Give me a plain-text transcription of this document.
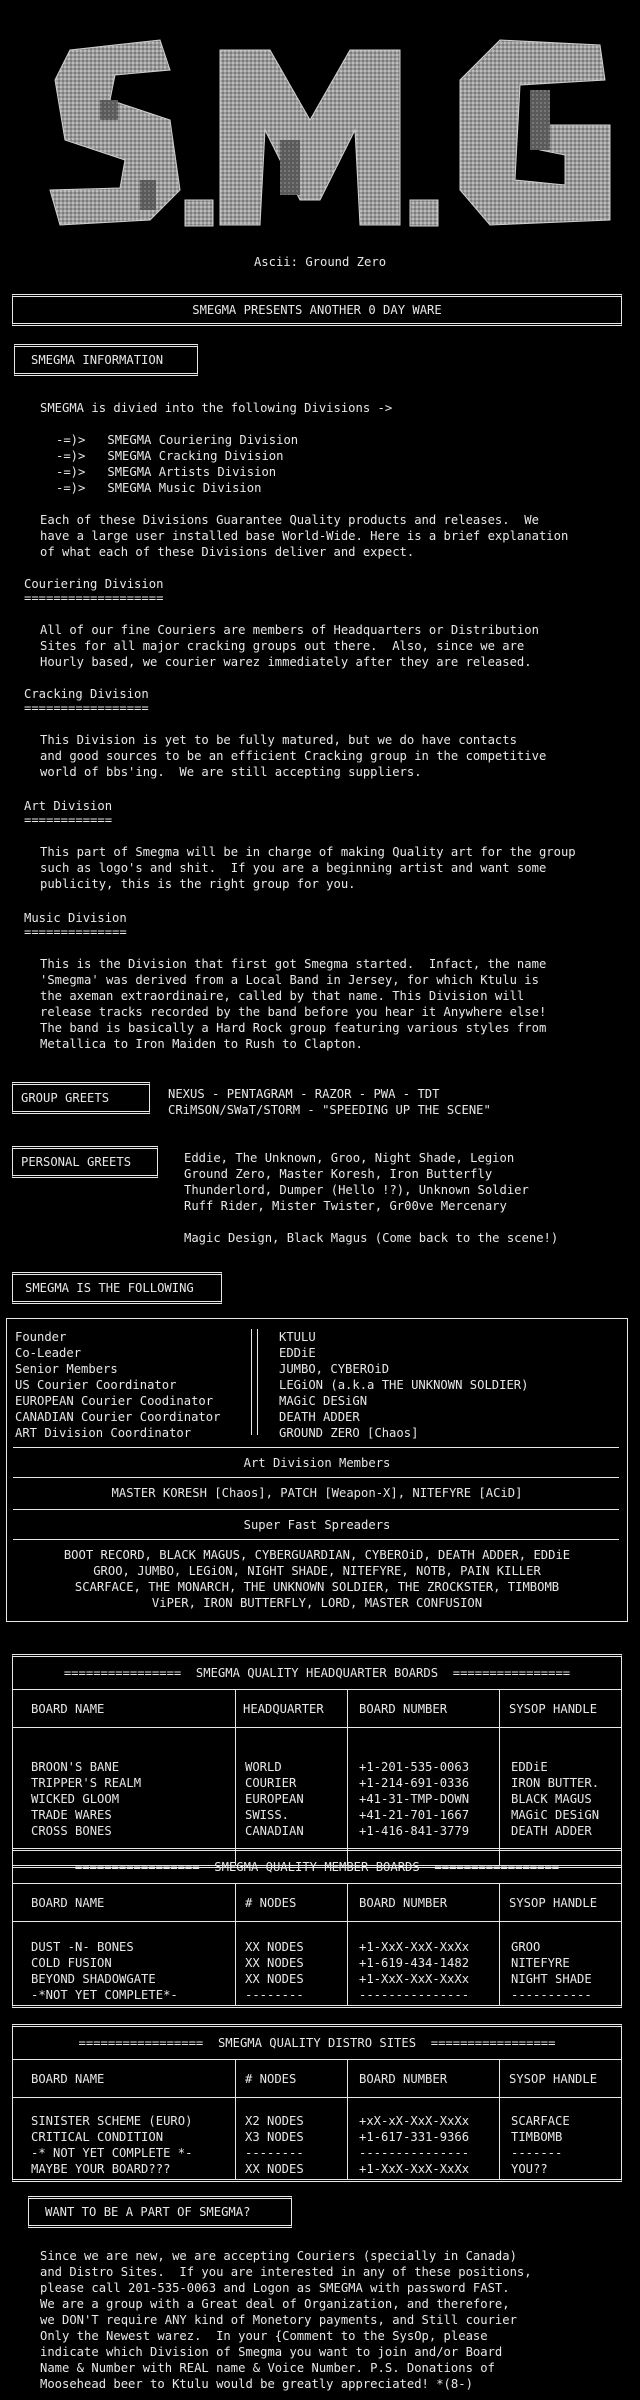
S.M.G
Ascii: Ground Zero
SMEGMA PRESENTS ANOTHER 0 DAY WARE
SMEGMA INFORMATION
SMEGMA is divied into the following Divisions ->
-=)>   SMEGMA Couriering Division
-=)>   SMEGMA Cracking Division
-=)>   SMEGMA Artists Division
-=)>   SMEGMA Music Division
Each of these Divisions Guarantee Quality products and releases.  We
have a large user installed base World-Wide. Here is a brief explanation
of what each of these Divisions deliver and expect.
Couriering Division
===================
All of our fine Couriers are members of Headquarters or Distribution
Sites for all major cracking groups out there.  Also, since we are
Hourly based, we courier warez immediately after they are released.
Cracking Division
=================
This Division is yet to be fully matured, but we do have contacts
and good sources to be an efficient Cracking group in the competitive
world of bbs'ing.  We are still accepting suppliers.
Art Division
============
This part of Smegma will be in charge of making Quality art for the group
such as logo's and shit.  If you are a beginning artist and want some
publicity, this is the right group for you.
Music Division
==============
This is the Division that first got Smegma started.  Infact, the name
'Smegma' was derived from a Local Band in Jersey, for which Ktulu is
the axeman extraordinaire, called by that name. This Division will
release tracks recorded by the band before you hear it Anywhere else!
The band is basically a Hard Rock group featuring various styles from
Metallica to Iron Maiden to Rush to Clapton.
GROUP GREETS	NEXUS - PENTAGRAM - RAZOR - PWA - TDT
CRiMSON/SWaT/STORM - "SPEEDING UP THE SCENE"
PERSONAL GREETS	Eddie, The Unknown, Groo, Night Shade, Legion
Ground Zero, Master Koresh, Iron Butterfly
Thunderlord, Dumper (Hello !?), Unknown Soldier
Ruff Rider, Mister Twister, Gr00ve Mercenary

Magic Design, Black Magus (Come back to the scene!)
SMEGMA IS THE FOLLOWING
Founder	KTULU
Co-Leader	EDDiE
Senior Members	JUMBO, CYBEROiD
US Courier Coordinator	LEGiON (a.k.a THE UNKNOWN SOLDIER)
EUROPEAN Courier Coodinator	MAGiC DESiGN
CANADIAN Courier Coordinator	DEATH ADDER
ART Division Coordinator	GROUND ZERO [Chaos]
Art Division Members
MASTER KORESH [Chaos], PATCH [Weapon-X], NITEFYRE [ACiD]
Super Fast Spreaders
BOOT RECORD, BLACK MAGUS, CYBERGUARDIAN, CYBEROiD, DEATH ADDER, EDDiE
GROO, JUMBO, LEGiON, NIGHT SHADE, NITEFYRE, NOTB, PAIN KILLER
SCARFACE, THE MONARCH, THE UNKNOWN SOLDIER, THE ZROCKSTER, TIMBOMB
ViPER, IRON BUTTERFLY, LORD, MASTER CONFUSION
================  SMEGMA QUALITY HEADQUARTER BOARDS  ================
BOARD NAME	HEADQUARTER	BOARD NUMBER	SYSOP HANDLE
BROON'S BANE	WORLD	+1-201-535-0063	EDDiE
TRIPPER'S REALM	COURIER	+1-214-691-0336	IRON BUTTER.
WICKED GLOOM	EUROPEAN	+41-31-TMP-DOWN	BLACK MAGUS
TRADE WARES	SWISS.	+41-21-701-1667	MAGiC DESiGN
CROSS BONES	CANADIAN	+1-416-841-3779	DEATH ADDER
=================  SMEGMA QUALITY MEMBER BOARDS  =================
BOARD NAME	# NODES	BOARD NUMBER	SYSOP HANDLE
DUST -N- BONES	XX NODES	+1-XxX-XxX-XxXx	GROO
COLD FUSION	XX NODES	+1-619-434-1482	NITEFYRE
BEYOND SHADOWGATE	XX NODES	+1-XxX-XxX-XxXx	NIGHT SHADE
-*NOT YET COMPLETE*-	--------	---------------	-----------
=================  SMEGMA QUALITY DISTRO SITES  =================
BOARD NAME	# NODES	BOARD NUMBER	SYSOP HANDLE
SINISTER SCHEME (EURO)	X2 NODES	+xX-xX-XxX-XxXx	SCARFACE
CRITICAL CONDITION	X3 NODES	+1-617-331-9366	TIMBOMB
-* NOT YET COMPLETE *-	--------	---------------	-------
MAYBE YOUR BOARD???	XX NODES	+1-XxX-XxX-XxXx	YOU??
WANT TO BE A PART OF SMEGMA?
Since we are new, we are accepting Couriers (specially in Canada)
and Distro Sites.  If you are interested in any of these positions,
please call 201-535-0063 and Logon as SMEGMA with password FAST.
We are a group with a Great deal of Organization, and therefore,
we DON'T require ANY kind of Monetory payments, and Still courier
Only the Newest warez.  In your {Comment to the SysOp, please
indicate which Division of Smegma you want to join and/or Board
Name & Number with REAL name & Voice Number. P.S. Donations of
Moosehead beer to Ktulu would be greatly appreciated! *(8-)
